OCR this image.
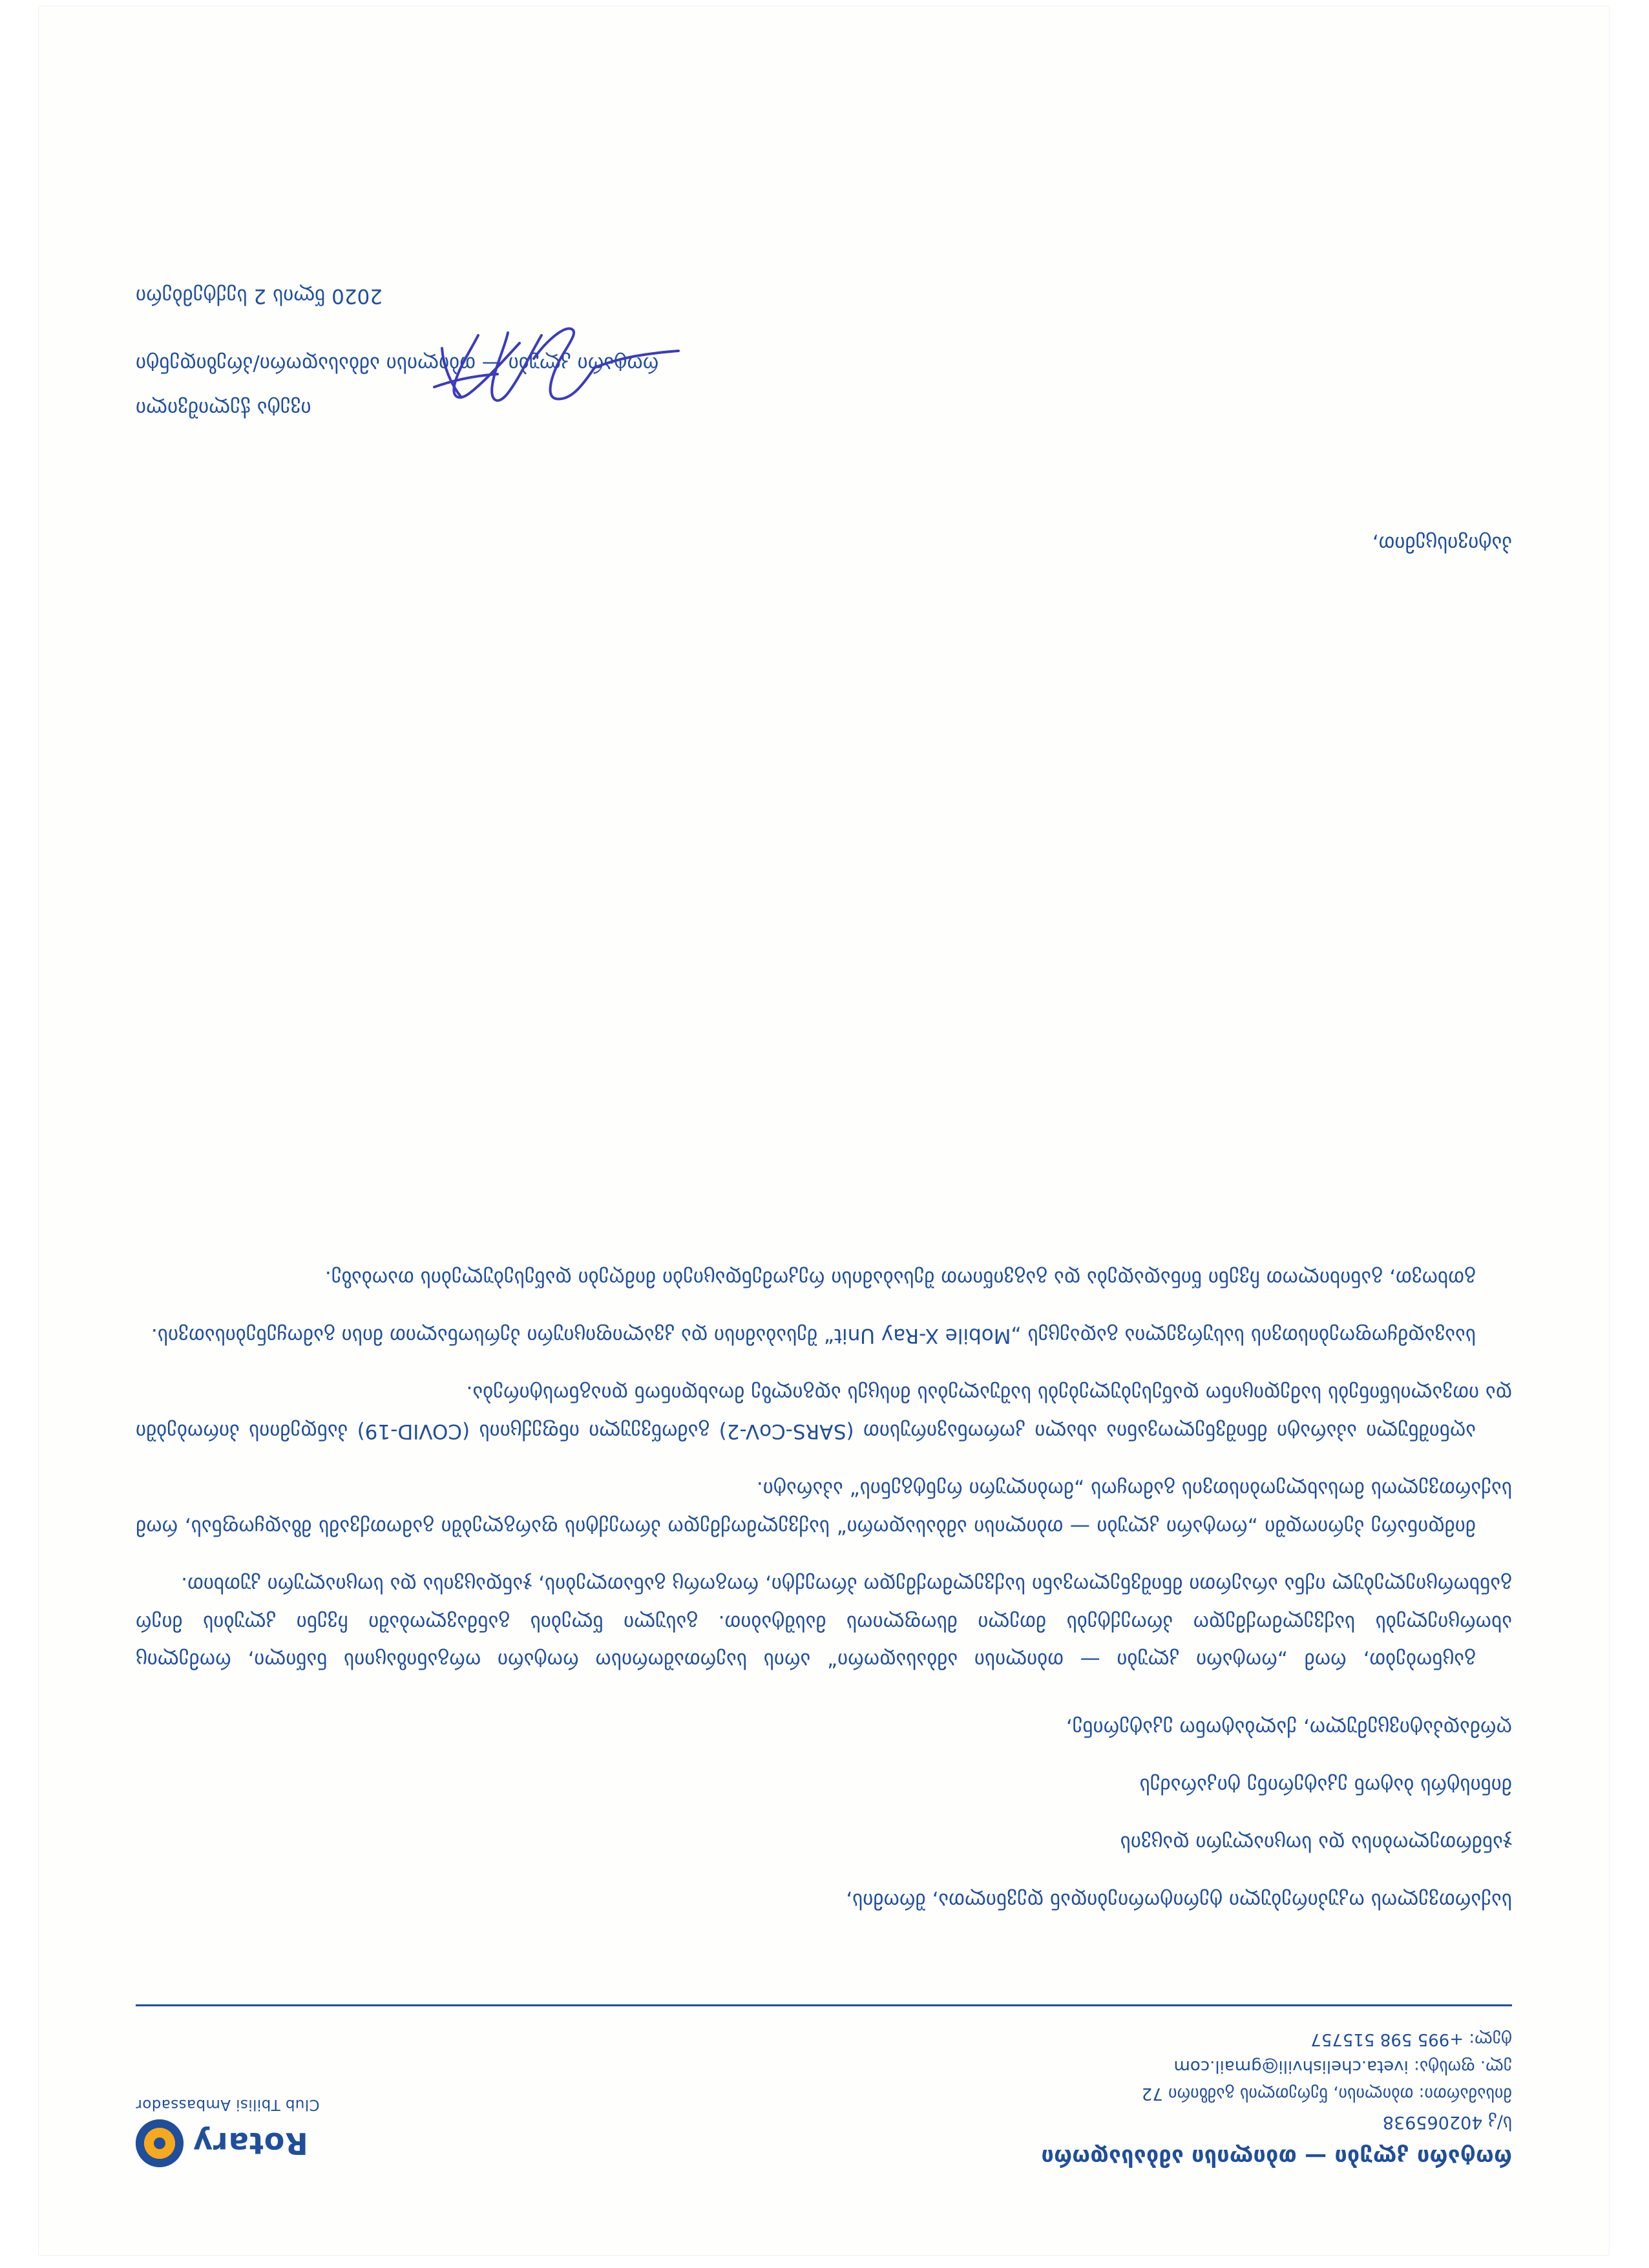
როტარი კლუბი — თბილისი ამბასადორი
ს/კ 402065938
მისამართი: თბილისი, წერეთლის გამზირი 72
ელ. ფოსტა: iveta.chelishvili@gmail.com
ტელ: +995 598 515757
Rotary
Club Tbilisi Ambassador

საქართველოს ოკუპირებული ტერიტორიებიდან დევნილთა, შრომის,

ჯანმრთელობისა და სოციალური დაცვის

მინისტრს ბატონ ეკატერინე ტიკარაძეს

ღრმადპატივცემულო, ქალბატონო ეკატერინე,

გაცნობებთ, რომ „როტარი კლუბი — თბილისი ამბასადორი“ არის საერთაშორისო როტარი ორგანიზაციის ნაწილი, რომელიც ახორციელებს საქველმოქმედო პროექტებს მთელი მსოფლიოს მასშტაბით. გასული წლების განმავლობაში ჩვენი კლუბის მიერ განხორციელებულ იქნა არაერთი მნიშვნელოვანი საქველმოქმედო პროექტი, როგორც განათლების, ჯანდაცვისა და სოციალური კუთხით.

მიმდინარე პერიოდში „როტარი კლუბი — თბილისი ამბასადორი“ საქველმოქმედო პროექტის ფარგლებში გამოთქვამს მზადყოფნას, რომ საქართველოს მოსახლეობისთვის გამოყოს „მობილური რენტგენის“ აპარატი.

აღნიშნული აპარატი მნიშვნელოვანია ახალი კორონავირუსით (SARS-CoV-2) გამოწვეული ინფექციის (COVID-19) პანდემიის პირობებში და ითვალისწინებს სამედიცინო დაწესებულებებს საშუალებას მისცეს ადგილზე მოახდინონ დიაგნოსტირება.

საავადმყოფოებისთვის სასურველია გადაეცეს „Mobile X-Ray Unit“ შესაბამისი და კვალიფიციური პერსონალით მისი გამოყენებისათვის.

გთხოვთ, განიხილოთ ჩვენი წინადადება და გაგვიწიოთ შესაბამისი რეკომენდაციები მიმღები დაწესებულების თაობაზე.

პატივისცემით,
ივეტა ჭელიშვილი
როტარი კლუბი — თბილისი ამბასადორი/პრეზიდენტი
2020 წლის 2 სექტემბერი
